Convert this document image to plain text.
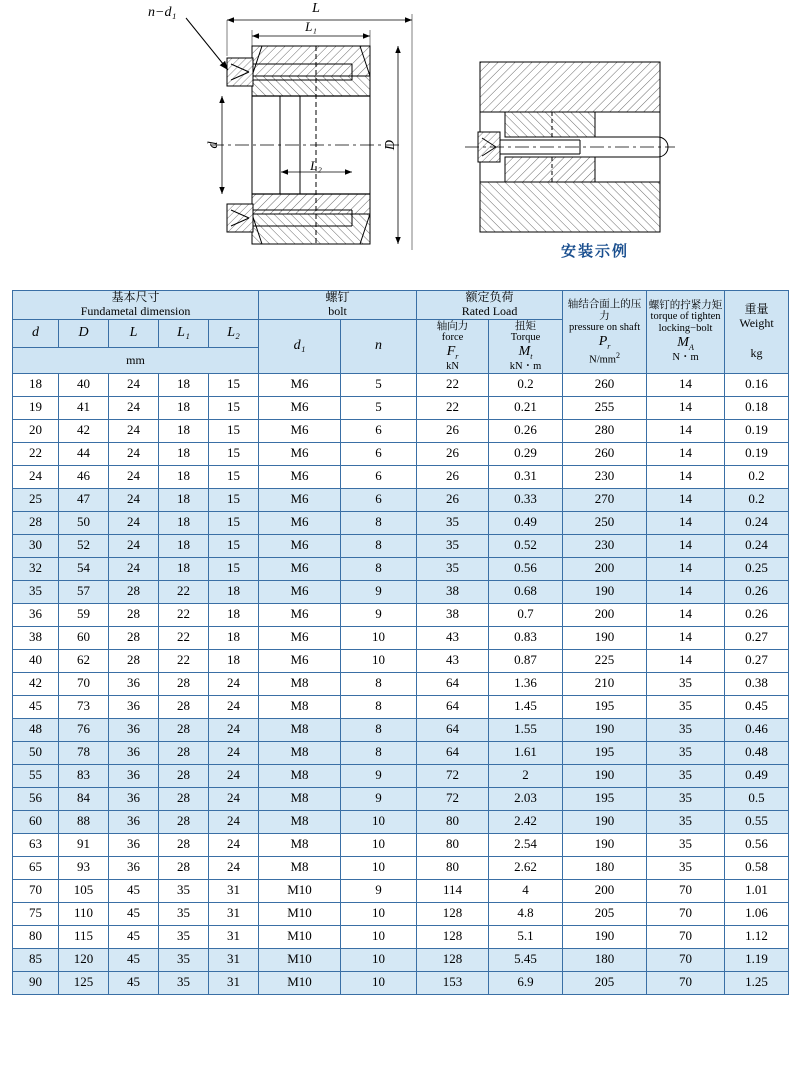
n−d₁	L
L₁
L₂
d	D
安装示例
基本尺寸
Fundametal dimension

螺钉
bolt

额定负荷
Rated Load

轴结合面上的压力
pressure on shaft
$P_r$
$N/mm^2$

螺钉的拧紧力矩
torque of tighten locking−bolt
$M_A$
N・m

重量
Weight
kg

d	D	L	L₁	L₂	d₁	n	
轴向力
force
$F_r$
kN

扭矩
Torque
$M_t$
kN・m

mm											
18	40	24	18	15	M6	5	22	0.2	260	14	0.16
19	41	24	18	15	M6	5	22	0.21	255	14	0.18
20	42	24	18	15	M6	6	26	0.26	280	14	0.19
22	44	24	18	15	M6	6	26	0.29	260	14	0.19
24	46	24	18	15	M6	6	26	0.31	230	14	0.2
25	47	24	18	15	M6	6	26	0.33	270	14	0.2
28	50	24	18	15	M6	8	35	0.49	250	14	0.24
30	52	24	18	15	M6	8	35	0.52	230	14	0.24
32	54	24	18	15	M6	8	35	0.56	200	14	0.25
35	57	28	22	18	M6	9	38	0.68	190	14	0.26
36	59	28	22	18	M6	9	38	0.7	200	14	0.26
38	60	28	22	18	M6	10	43	0.83	190	14	0.27
40	62	28	22	18	M6	10	43	0.87	225	14	0.27
42	70	36	28	24	M8	8	64	1.36	210	35	0.38
45	73	36	28	24	M8	8	64	1.45	195	35	0.45
48	76	36	28	24	M8	8	64	1.55	190	35	0.46
50	78	36	28	24	M8	8	64	1.61	195	35	0.48
55	83	36	28	24	M8	9	72	2	190	35	0.49
56	84	36	28	24	M8	9	72	2.03	195	35	0.5
60	88	36	28	24	M8	10	80	2.42	190	35	0.55
63	91	36	28	24	M8	10	80	2.54	190	35	0.56
65	93	36	28	24	M8	10	80	2.62	180	35	0.58
70	105	45	35	31	M10	9	114	4	200	70	1.01
75	110	45	35	31	M10	10	128	4.8	205	70	1.06
80	115	45	35	31	M10	10	128	5.1	190	70	1.12
85	120	45	35	31	M10	10	128	5.45	180	70	1.19
90	125	45	35	31	M10	10	153	6.9	205	70	1.25
